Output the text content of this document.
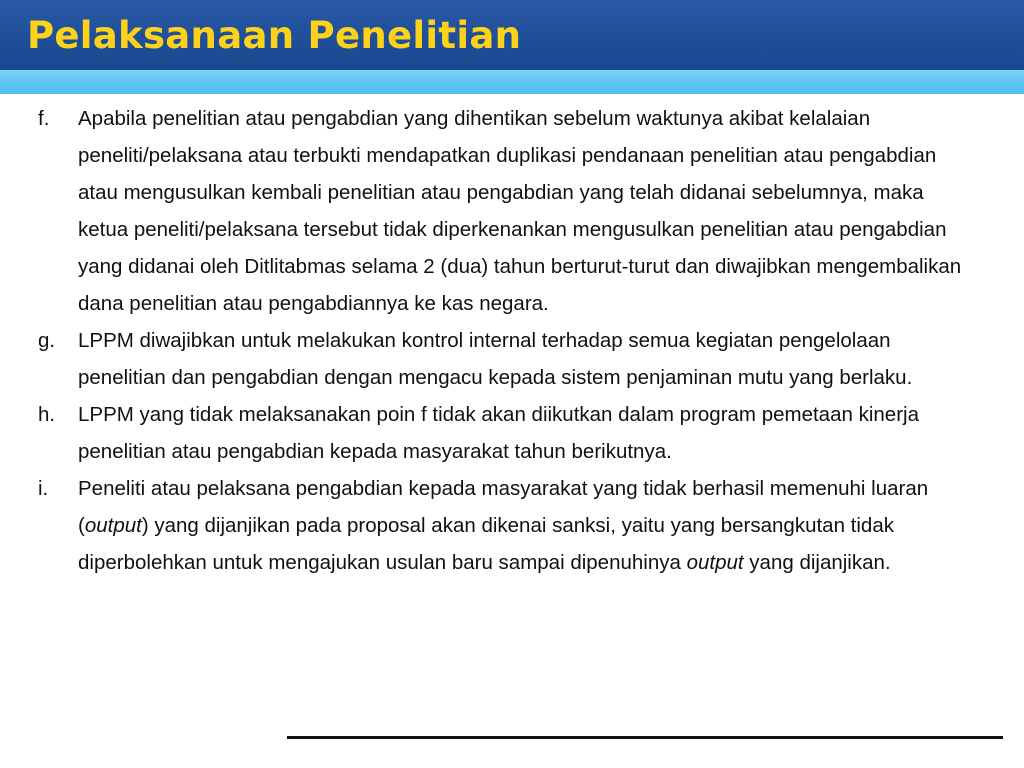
Pelaksanaan Penelitian
f. Apabila penelitian atau pengabdian yang dihentikan sebelum waktunya akibat kelalaian peneliti/pelaksana atau terbukti mendapatkan duplikasi pendanaan penelitian atau pengabdian atau mengusulkan kembali penelitian atau pengabdian yang telah didanai sebelumnya, maka ketua peneliti/pelaksana tersebut tidak diperkenankan mengusulkan penelitian atau pengabdian yang didanai oleh Ditlitabmas selama 2 (dua) tahun berturut-turut dan diwajibkan mengembalikan dana penelitian atau pengabdiannya ke kas negara.
g. LPPM diwajibkan untuk melakukan kontrol internal terhadap semua kegiatan pengelolaan penelitian dan pengabdian dengan mengacu kepada sistem penjaminan mutu yang berlaku.
h. LPPM yang tidak melaksanakan poin f tidak akan diikutkan dalam program pemetaan kinerja penelitian atau pengabdian kepada masyarakat tahun berikutnya.
i. Peneliti atau pelaksana pengabdian kepada masyarakat yang tidak berhasil memenuhi luaran (output) yang dijanjikan pada proposal akan dikenai sanksi, yaitu yang bersangkutan tidak diperbolehkan untuk mengajukan usulan baru sampai dipenuhinya output yang dijanjikan.
